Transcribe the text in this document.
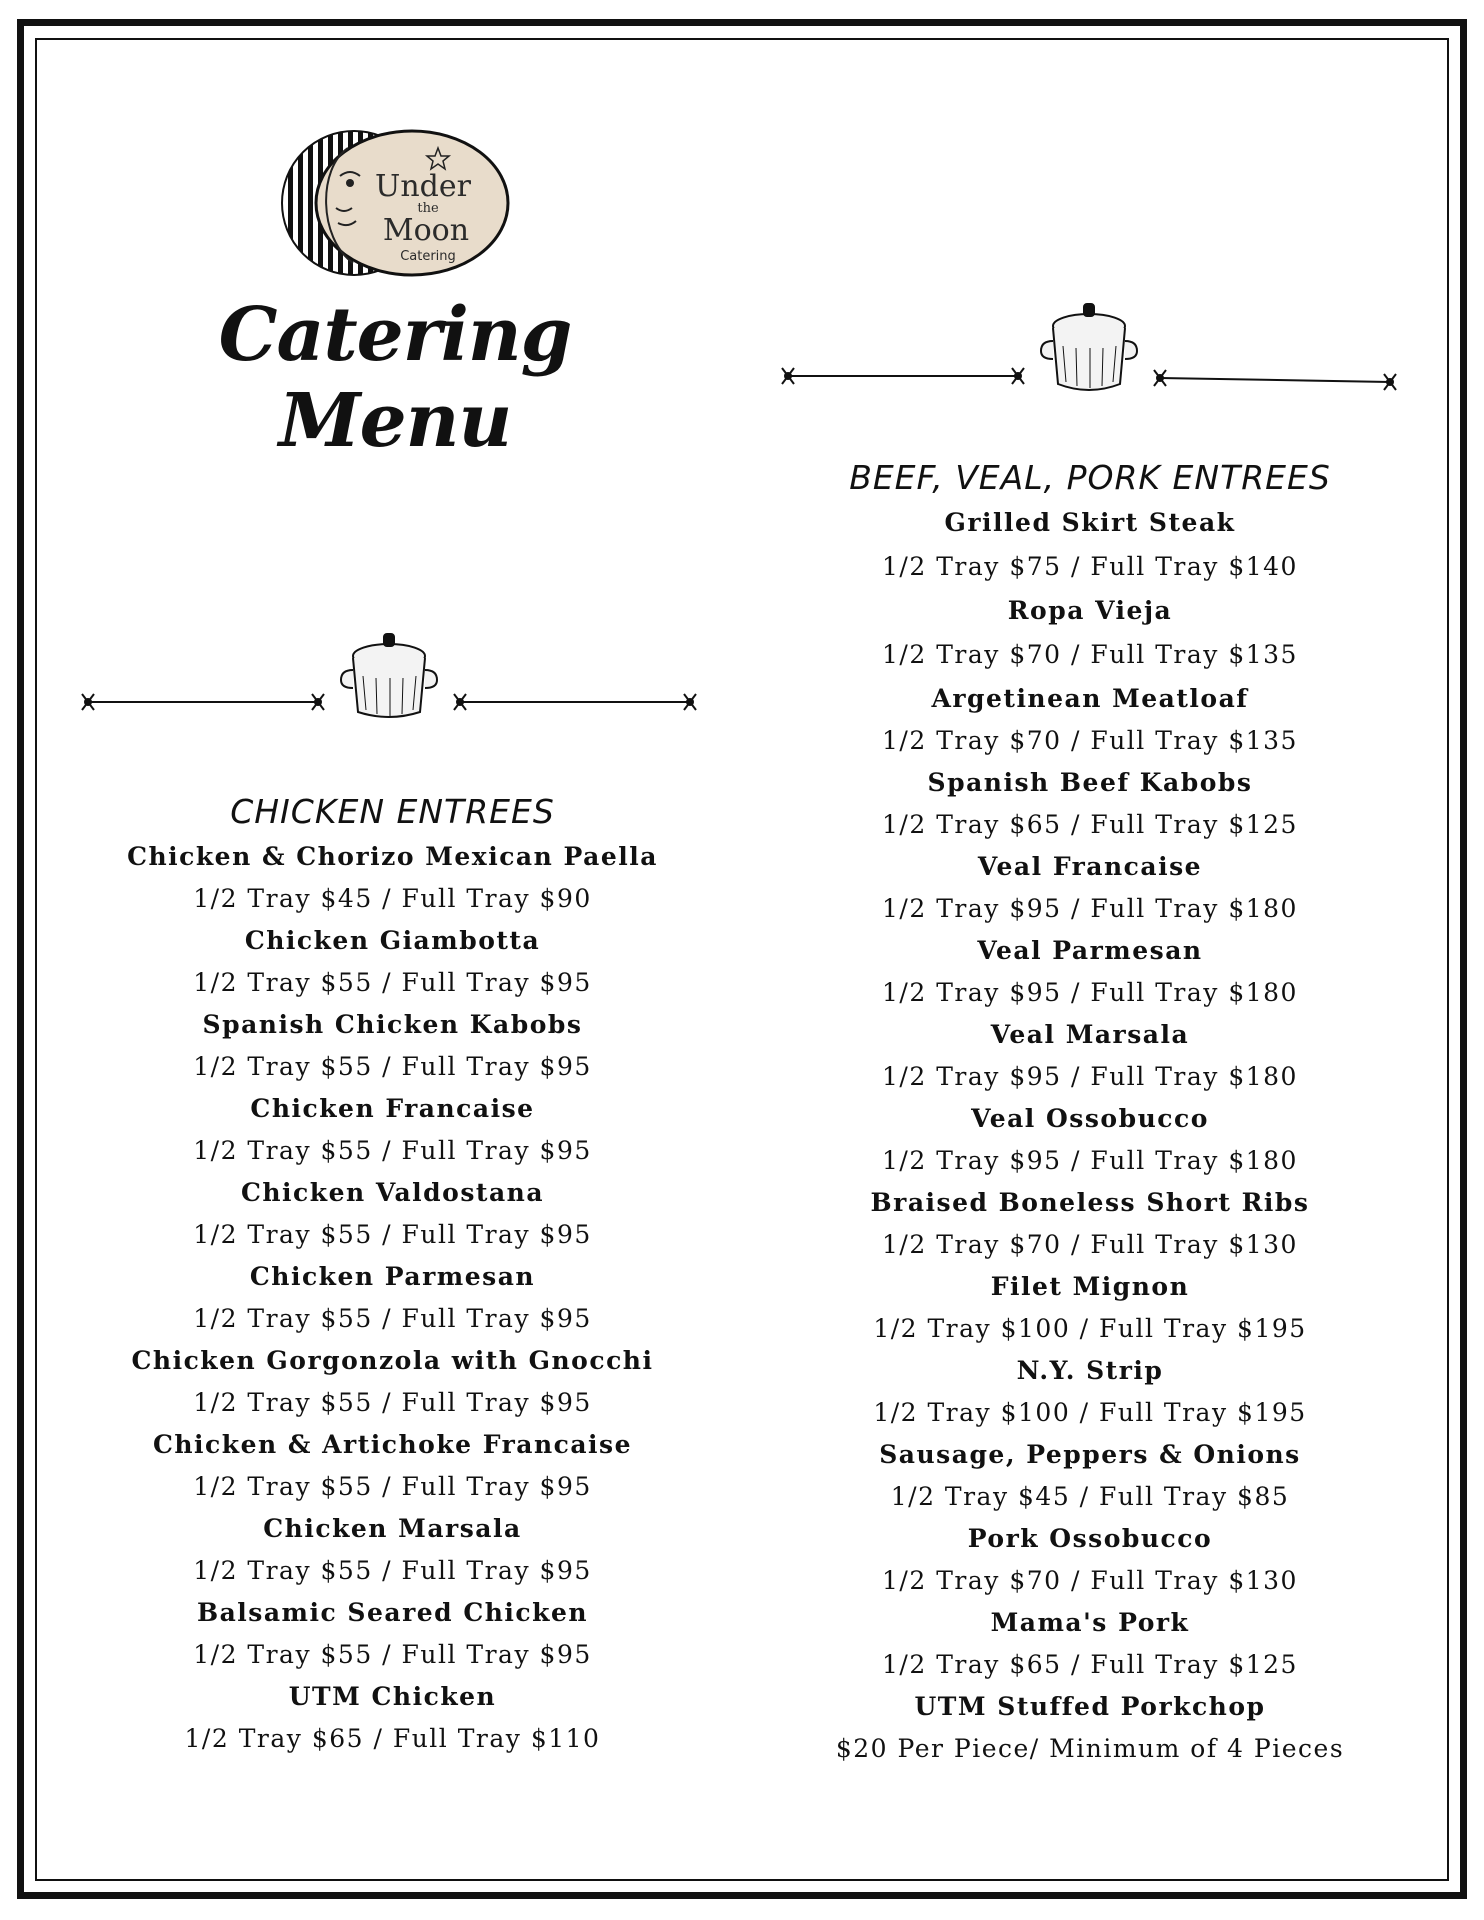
Under
the
Moon
Catering
Catering Menu
CHICKEN ENTREES
Chicken & Chorizo Mexican Paella
1/2 Tray $45 / Full Tray $90
Chicken Giambotta
1/2 Tray $55 / Full Tray $95
Spanish Chicken Kabobs
1/2 Tray $55 / Full Tray $95
Chicken Francaise
1/2 Tray $55 / Full Tray $95
Chicken Valdostana
1/2 Tray $55 / Full Tray $95
Chicken Parmesan
1/2 Tray $55 / Full Tray $95
Chicken Gorgonzola with Gnocchi
1/2 Tray $55 / Full Tray $95
Chicken & Artichoke Francaise
1/2 Tray $55 / Full Tray $95
Chicken Marsala
1/2 Tray $55 / Full Tray $95
Balsamic Seared Chicken
1/2 Tray $55 / Full Tray $95
UTM Chicken
1/2 Tray $65 / Full Tray $110
BEEF, VEAL, PORK ENTREES
Grilled Skirt Steak
1/2 Tray $75 / Full Tray $140
Ropa Vieja
1/2 Tray $70 / Full Tray $135
Argetinean Meatloaf
1/2 Tray $70 / Full Tray $135
Spanish Beef Kabobs
1/2 Tray $65 / Full Tray $125
Veal Francaise
1/2 Tray $95 / Full Tray $180
Veal Parmesan
1/2 Tray $95 / Full Tray $180
Veal Marsala
1/2 Tray $95 / Full Tray $180
Veal Ossobucco
1/2 Tray $95 / Full Tray $180
Braised Boneless Short Ribs
1/2 Tray $70 / Full Tray $130
Filet Mignon
1/2 Tray $100 / Full Tray $195
N.Y. Strip
1/2 Tray $100 / Full Tray $195
Sausage, Peppers & Onions
1/2 Tray $45 / Full Tray $85
Pork Ossobucco
1/2 Tray $70 / Full Tray $130
Mama's Pork
1/2 Tray $65 / Full Tray $125
UTM Stuffed Porkchop
$20 Per Piece/ Minimum of 4 Pieces
